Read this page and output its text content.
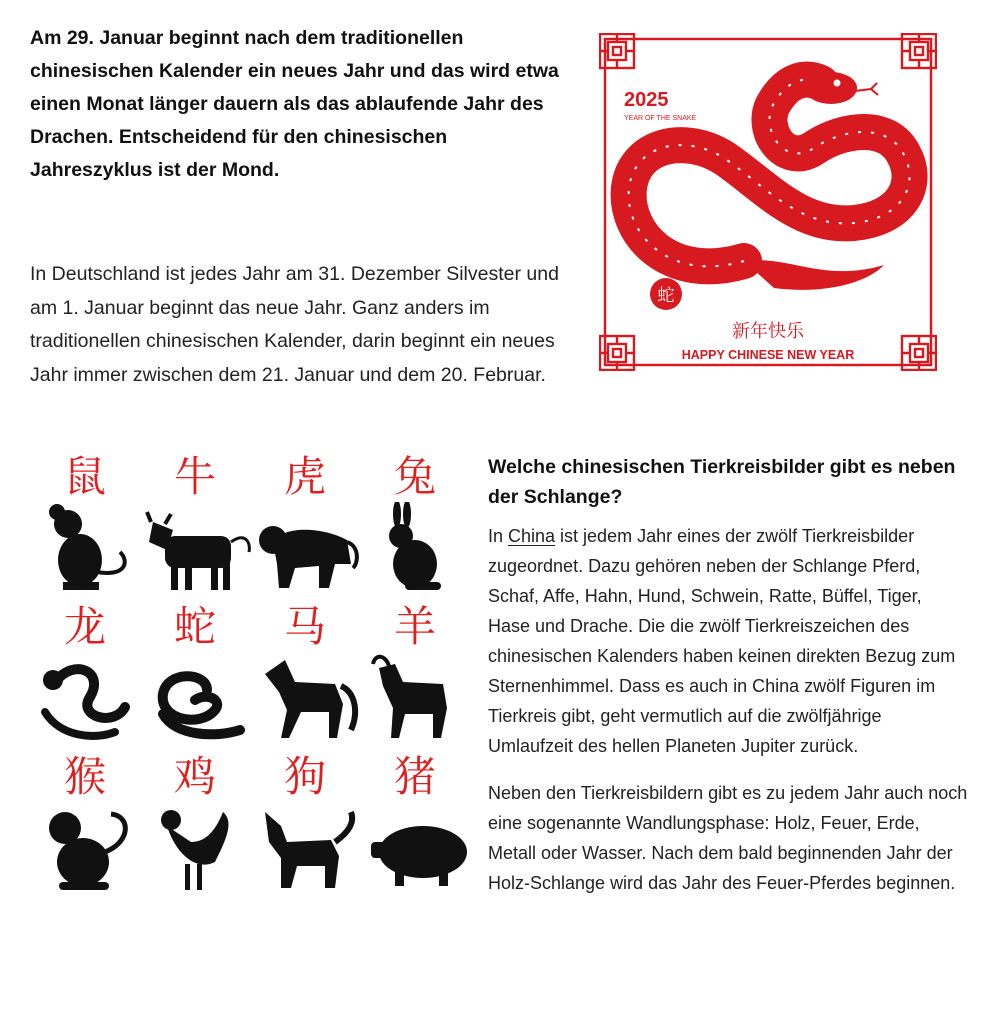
Am 29. Januar beginnt nach dem traditionellen chinesischen Kalender ein neues Jahr und das wird etwa einen Monat länger dauern als das ablaufende Jahr des Drachen. Entscheidend für den chinesischen Jahreszyklus ist der Mond.
In Deutschland ist jedes Jahr am 31. Dezember Silvester und am 1. Januar beginnt das neue Jahr. Ganz anders im traditionellen chinesischen Kalender, darin beginnt ein neues Jahr immer zwischen dem 21. Januar und dem 20. Februar.
2025
YEAR OF THE SNAKE
蛇
新年快乐
HAPPY CHINESE NEW YEAR
鼠	牛	虎	兔
龙	蛇	马	羊
猴	鸡	狗	猪
Welche chinesischen Tierkreisbilder gibt es neben der Schlange?

In China ist jedem Jahr eines der zwölf Tierkreisbilder zugeordnet. Dazu gehören neben der Schlange Pferd, Schaf, Affe, Hahn, Hund, Schwein, Ratte, Büffel, Tiger, Hase und Drache. Die die zwölf Tierkreiszeichen des chinesischen Kalenders haben keinen direkten Bezug zum Sternenhimmel. Dass es auch in China zwölf Figuren im Tierkreis gibt, geht vermutlich auf die zwölfjährige Umlaufzeit des hellen Planeten Jupiter zurück.

Neben den Tierkreisbildern gibt es zu jedem Jahr auch noch eine sogenannte Wandlungsphase: Holz, Feuer, Erde, Metall oder Wasser. Nach dem bald beginnenden Jahr der Holz-Schlange wird das Jahr des Feuer-Pferdes beginnen.
